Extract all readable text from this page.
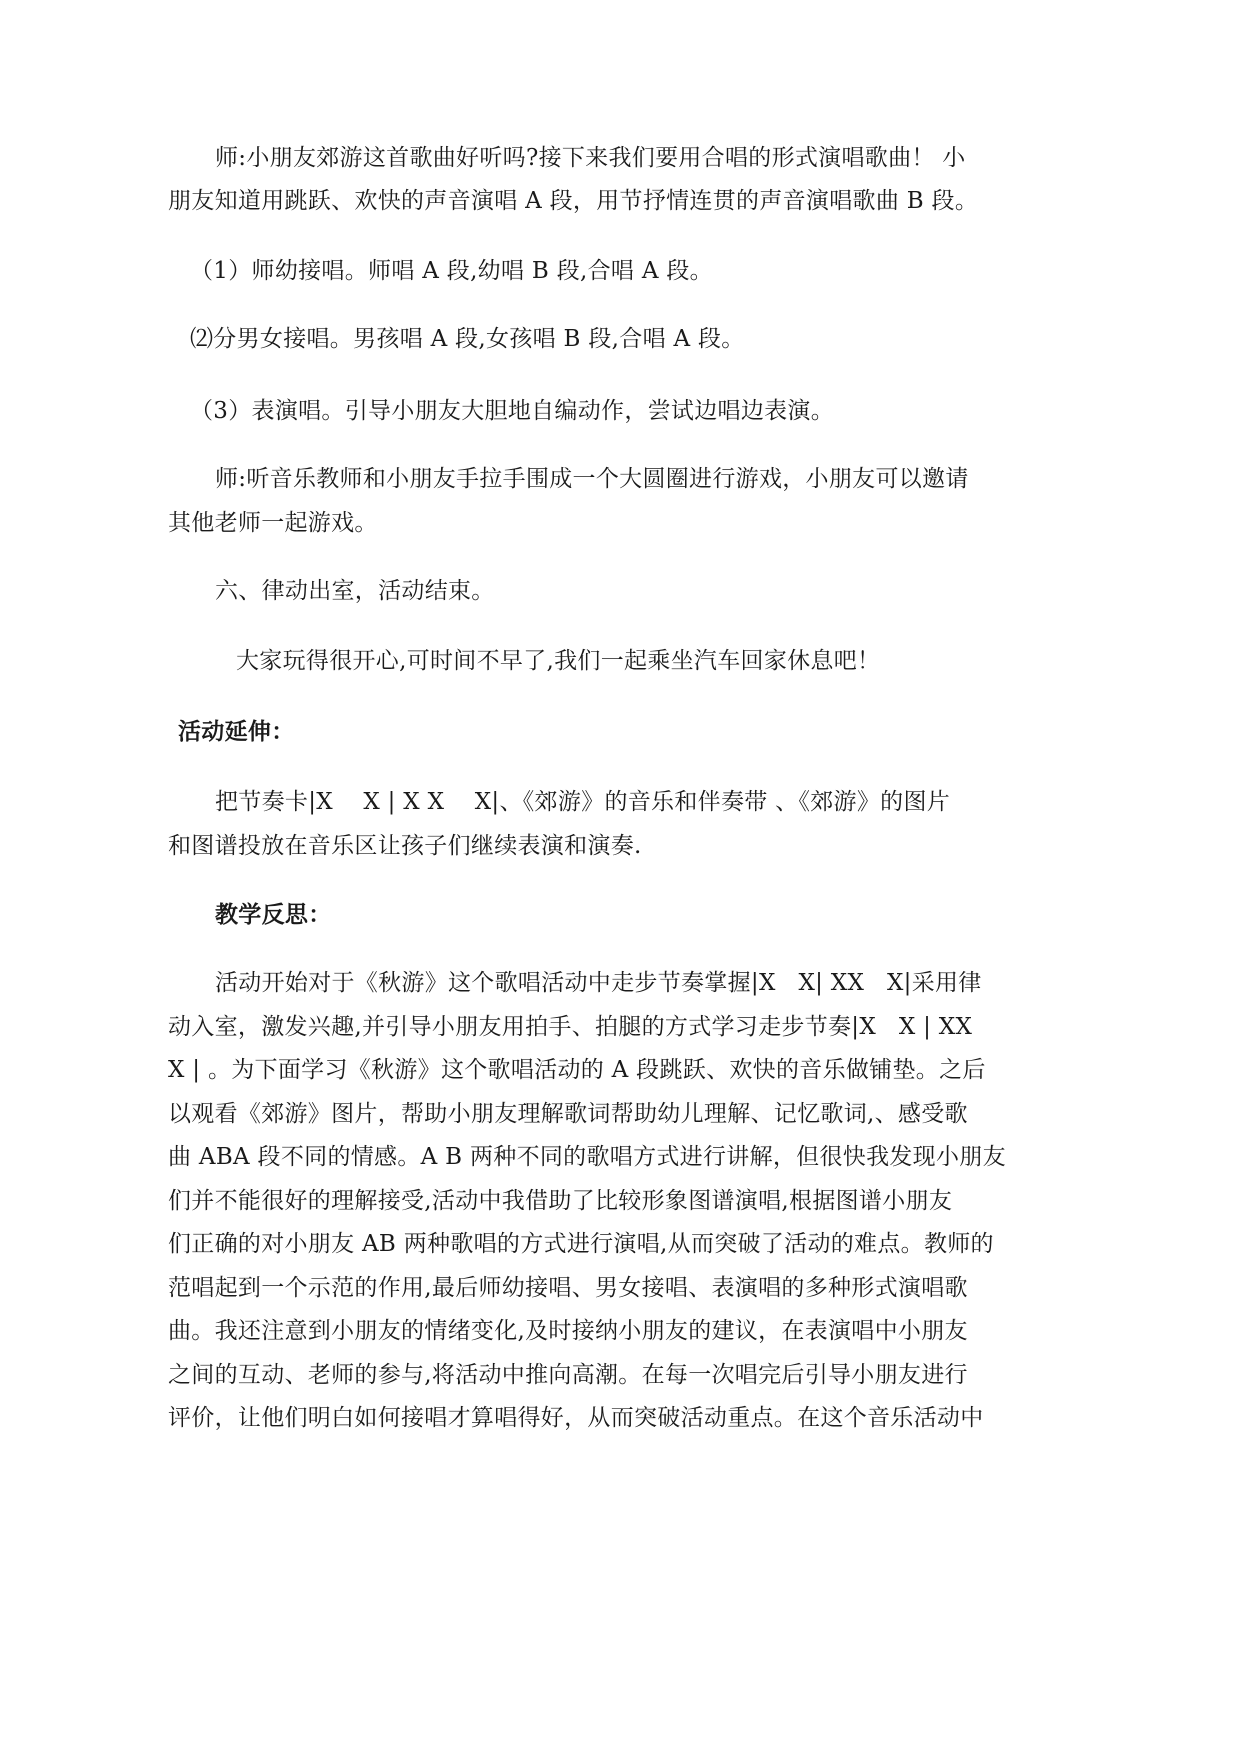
师:小朋友郊游这首歌曲好听吗?接下来我们要用合唱的形式演唱歌曲！ 小
朋友知道用跳跃、欢快的声音演唱 A 段，用节抒情连贯的声音演唱歌曲 B 段。
（1）师幼接唱。师唱 A 段,幼唱 B 段,合唱 A 段。
⑵分男女接唱。男孩唱 A 段,女孩唱 B 段,合唱 A 段。
（3）表演唱。引导小朋友大胆地自编动作，尝试边唱边表演。
师:听音乐教师和小朋友手拉手围成一个大圆圈进行游戏，小朋友可以邀请
其他老师一起游戏。
六、律动出室，活动结束。
大家玩得很开心,可时间不早了,我们一起乘坐汽车回家休息吧！
活动延伸：
把节奏卡|X    X | X X    X|、《郊游》的音乐和伴奏带 、《郊游》的图片
和图谱投放在音乐区让孩子们继续表演和演奏.
教学反思：
活动开始对于《秋游》这个歌唱活动中走步节奏掌握|X   X| XX   X|采用律
动入室，激发兴趣,并引导小朋友用拍手、拍腿的方式学习走步节奏|X   X | XX
X | 。为下面学习《秋游》这个歌唱活动的 A 段跳跃、欢快的音乐做铺垫。之后
以观看《郊游》图片，帮助小朋友理解歌词帮助幼儿理解、记忆歌词,、感受歌
曲 ABA 段不同的情感。A B 两种不同的歌唱方式进行讲解，但很快我发现小朋友
们并不能很好的理解接受,活动中我借助了比较形象图谱演唱,根据图谱小朋友
们正确的对小朋友 AB 两种歌唱的方式进行演唱,从而突破了活动的难点。教师的
范唱起到一个示范的作用,最后师幼接唱、男女接唱、表演唱的多种形式演唱歌
曲。我还注意到小朋友的情绪变化,及时接纳小朋友的建议，在表演唱中小朋友
之间的互动、老师的参与,将活动中推向高潮。在每一次唱完后引导小朋友进行
评价，让他们明白如何接唱才算唱得好，从而突破活动重点。在这个音乐活动中
